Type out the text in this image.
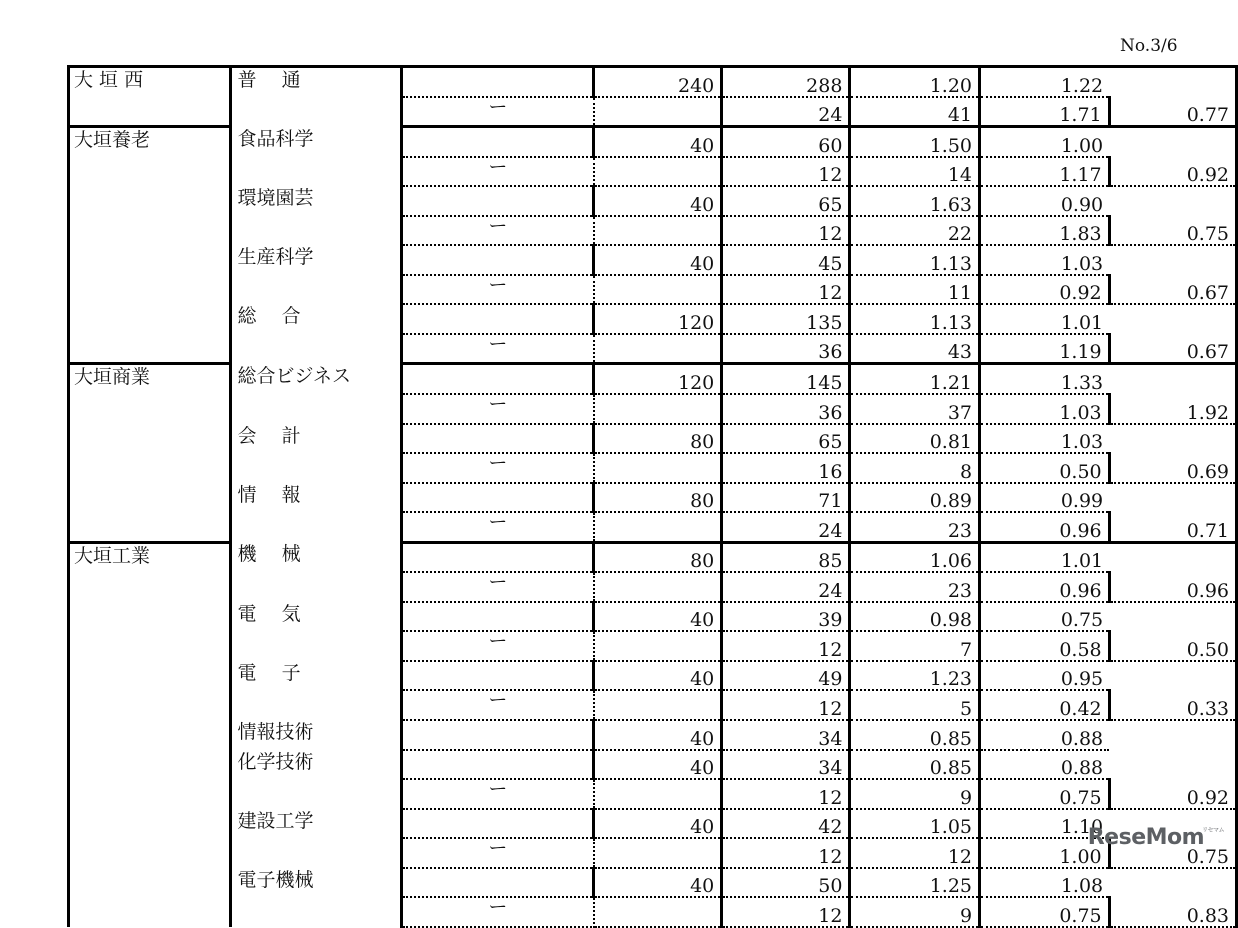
No.3/6
大 垣 西	普　 通		240	288	1.20	1.22	
		ー		24	41	1.71	0.77
大垣養老	食品科学		40	60	1.50	1.00	
		ー		12	14	1.17	0.92
	環境園芸		40	65	1.63	0.90	
		ー		12	22	1.83	0.75
	生産科学		40	45	1.13	1.03	
		ー		12	11	0.92	0.67
	総　 合		120	135	1.13	1.01	
		ー		36	43	1.19	0.67
大垣商業	総合ビジネス		120	145	1.21	1.33	
		ー		36	37	1.03	1.92
	会　 計		80	65	0.81	1.03	
		ー		16	8	0.50	0.69
	情　 報		80	71	0.89	0.99	
		ー		24	23	0.96	0.71
大垣工業	機　 械		80	85	1.06	1.01	
		ー		24	23	0.96	0.96
	電　 気		40	39	0.98	0.75	
		ー		12	7	0.58	0.50
	電　 子		40	49	1.23	0.95	
		ー		12	5	0.42	0.33
	情報技術		40	34	0.85	0.88	
	化学技術		40	34	0.85	0.88	
		ー		12	9	0.75	0.92
	建設工学		40	42	1.05	1.10	
		ー		12	12	1.00	0.75
	電子機械		40	50	1.25	1.08	
		ー		12	9	0.75	0.83
ReseMom$^{リセマム}$
